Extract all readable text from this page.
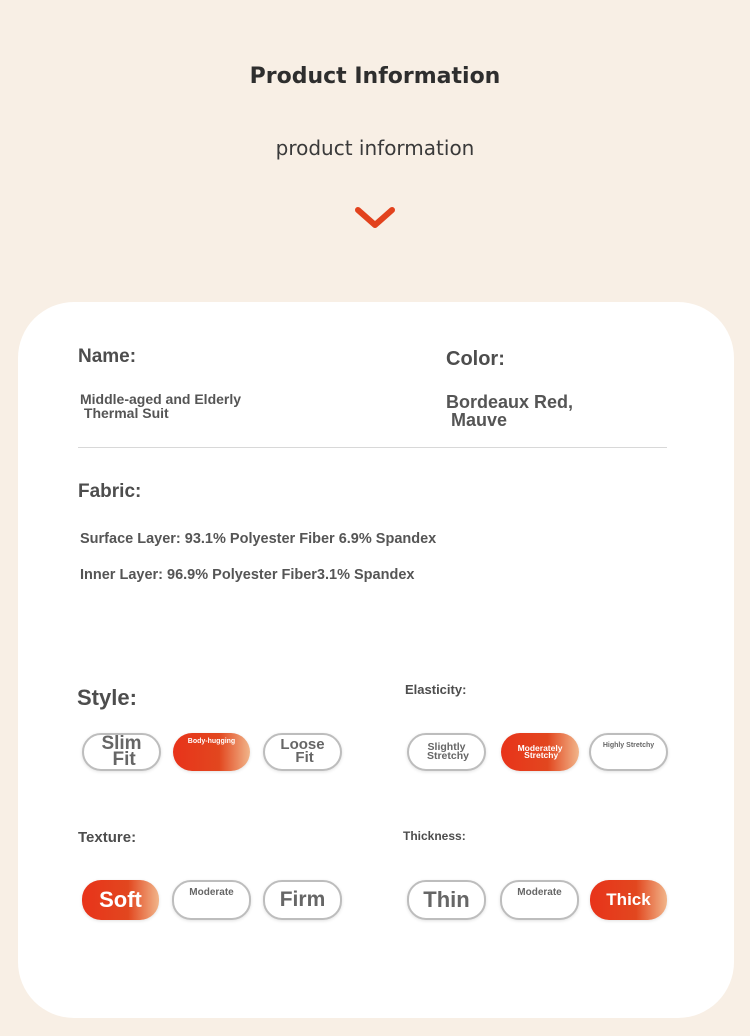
Product Information
product information
Name:
Middle-aged and Elderly
Thermal Suit
Color:
Bordeaux Red,
Mauve
Fabric:
Surface Layer: 93.1% Polyester Fiber 6.9% Spandex
Inner Layer: 96.9% Polyester Fiber3.1% Spandex
Style:
Slim
Fit
Body-hugging	Loose
Fit
Elasticity:
Slightly
Stretchy
Moderately
Stretchy
Highly Stretchy
Texture:
Soft	Moderate	Firm
Thickness:
Thin	Moderate	Thick
